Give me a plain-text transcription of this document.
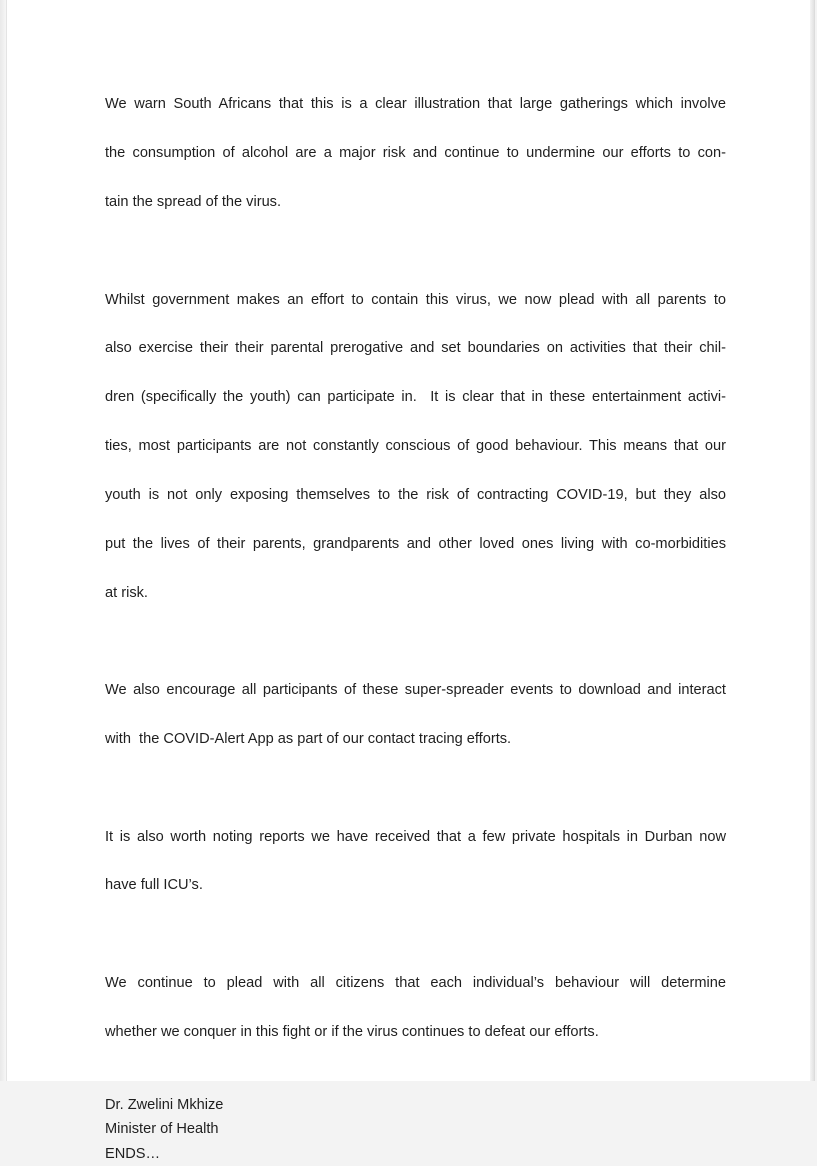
We warn South Africans that this is a clear illustration that large gatherings which involve

the consumption of alcohol are a major risk and continue to undermine our efforts to con-

tain the spread of the virus.

Whilst government makes an effort to contain this virus, we now plead with all parents to

also exercise their their parental prerogative and set boundaries on activities that their chil-

dren (specifically the youth) can participate in.  It is clear that in these entertainment activi-

ties, most participants are not constantly conscious of good behaviour. This means that our

youth is not only exposing themselves to the risk of contracting COVID-19, but they also

put the lives of their parents, grandparents and other loved ones living with co-morbidities

at risk.

We also encourage all participants of these super-spreader events to download and interact

with  the COVID-Alert App as part of our contact tracing efforts.

It is also worth noting reports we have received that a few private hospitals in Durban now

have full ICU’s.

We continue to plead with all citizens that each individual’s behaviour will determine

whether we conquer in this fight or if the virus continues to defeat our efforts.

Dr. Zwelini Mkhize
Minister of Health
ENDS…
